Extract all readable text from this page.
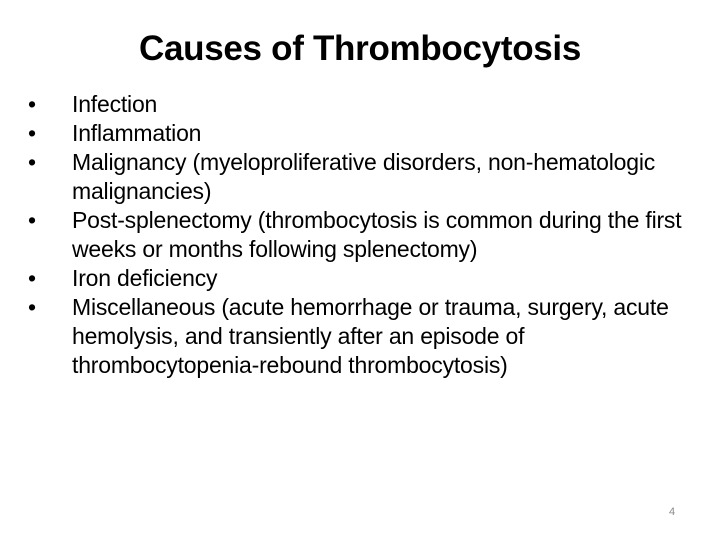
Causes of Thrombocytosis
•	Infection
•	Inflammation
•	Malignancy (myeloproliferative disorders, non-hematologic malignancies)
•	Post-splenectomy (thrombocytosis is common during the first weeks or months following splenectomy)
•	Iron deficiency
•	Miscellaneous (acute hemorrhage or trauma, surgery, acute hemolysis, and transiently after an episode of thrombocytopenia-rebound thrombocytosis)
4
